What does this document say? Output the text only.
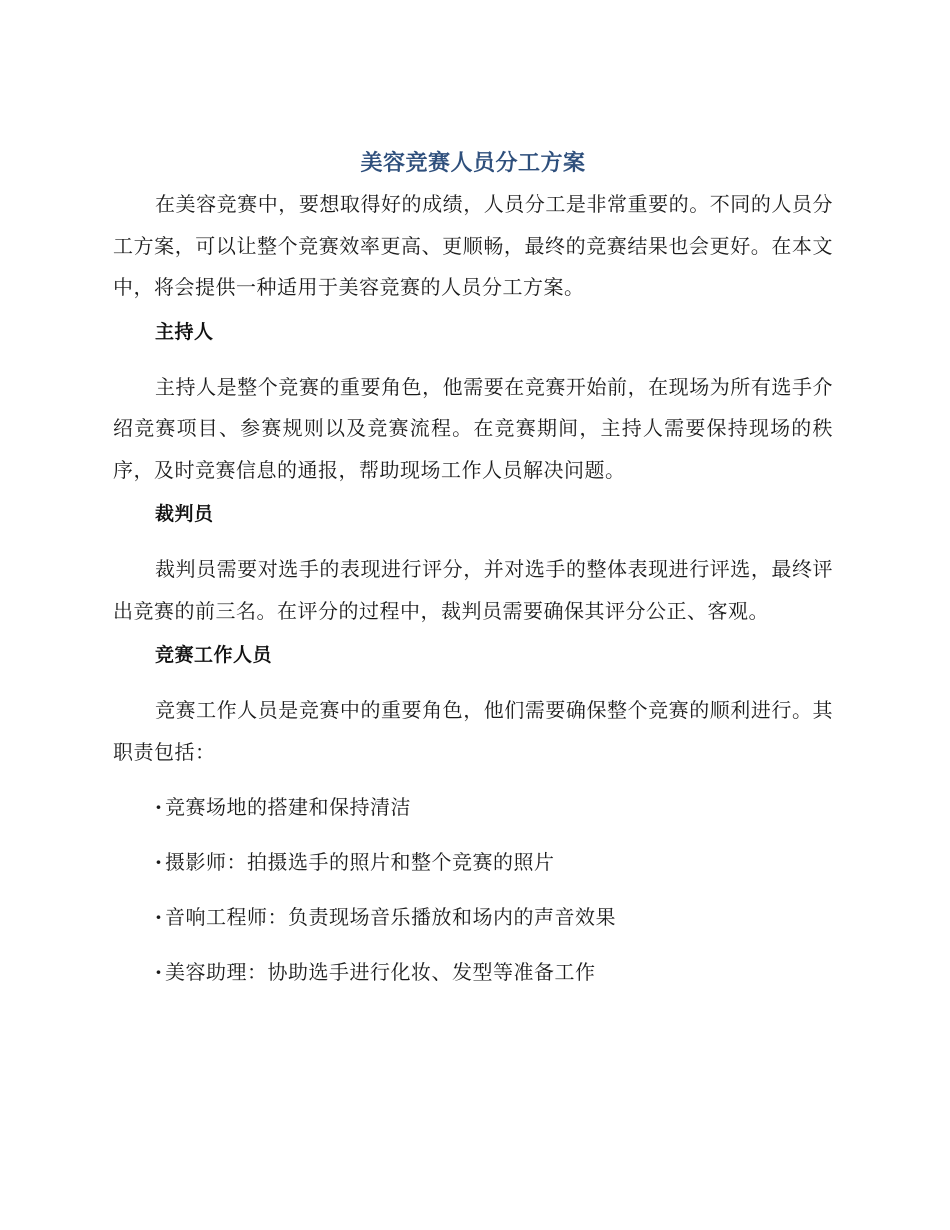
美容竞赛人员分工方案

在美容竞赛中，要想取得好的成绩，人员分工是非常重要的。不同的人员分工方案，可以让整个竞赛效率更高、更顺畅，最终的竞赛结果也会更好。在本文中，将会提供一种适用于美容竞赛的人员分工方案。

主持人

主持人是整个竞赛的重要角色，他需要在竞赛开始前，在现场为所有选手介绍竞赛项目、参赛规则以及竞赛流程。在竞赛期间，主持人需要保持现场的秩序，及时竞赛信息的通报，帮助现场工作人员解决问题。

裁判员

裁判员需要对选手的表现进行评分，并对选手的整体表现进行评选，最终评出竞赛的前三名。在评分的过程中，裁判员需要确保其评分公正、客观。

竞赛工作人员

竞赛工作人员是竞赛中的重要角色，他们需要确保整个竞赛的顺利进行。其职责包括：

· 竞赛场地的搭建和保持清洁
· 摄影师：拍摄选手的照片和整个竞赛的照片
· 音响工程师：负责现场音乐播放和场内的声音效果
· 美容助理：协助选手进行化妆、发型等准备工作
